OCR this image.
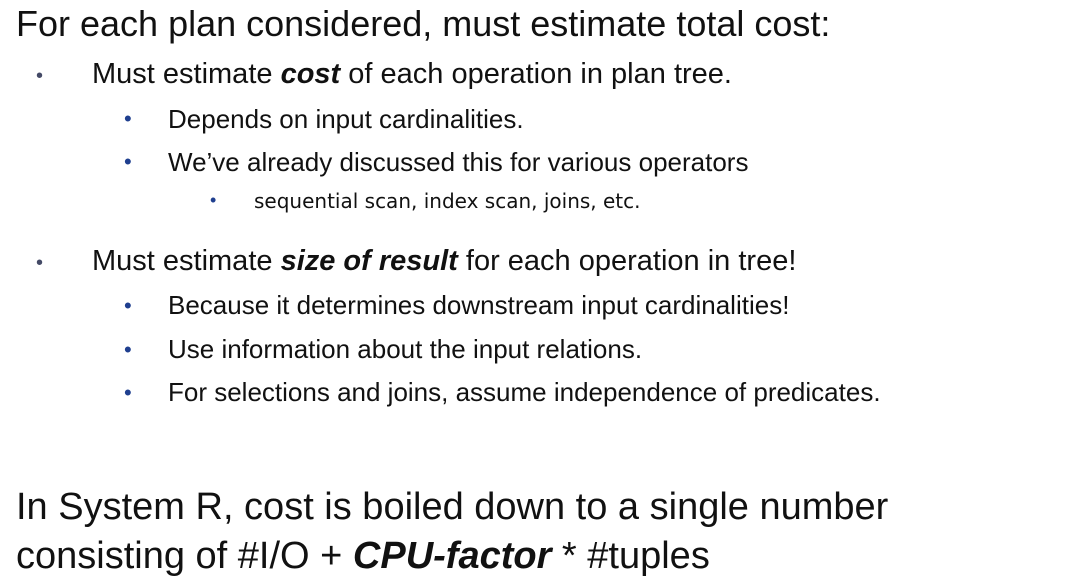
For each plan considered, must estimate total cost:
• Must estimate cost of each operation in plan tree.
• Depends on input cardinalities.
• We’ve already discussed this for various operators
• sequential scan, index scan, joins, etc.
• Must estimate size of result for each operation in tree!
• Because it determines downstream input cardinalities!
• Use information about the input relations.
• For selections and joins, assume independence of predicates.
In System R, cost is boiled down to a single number
consisting of #I/O + CPU-factor * #tuples
